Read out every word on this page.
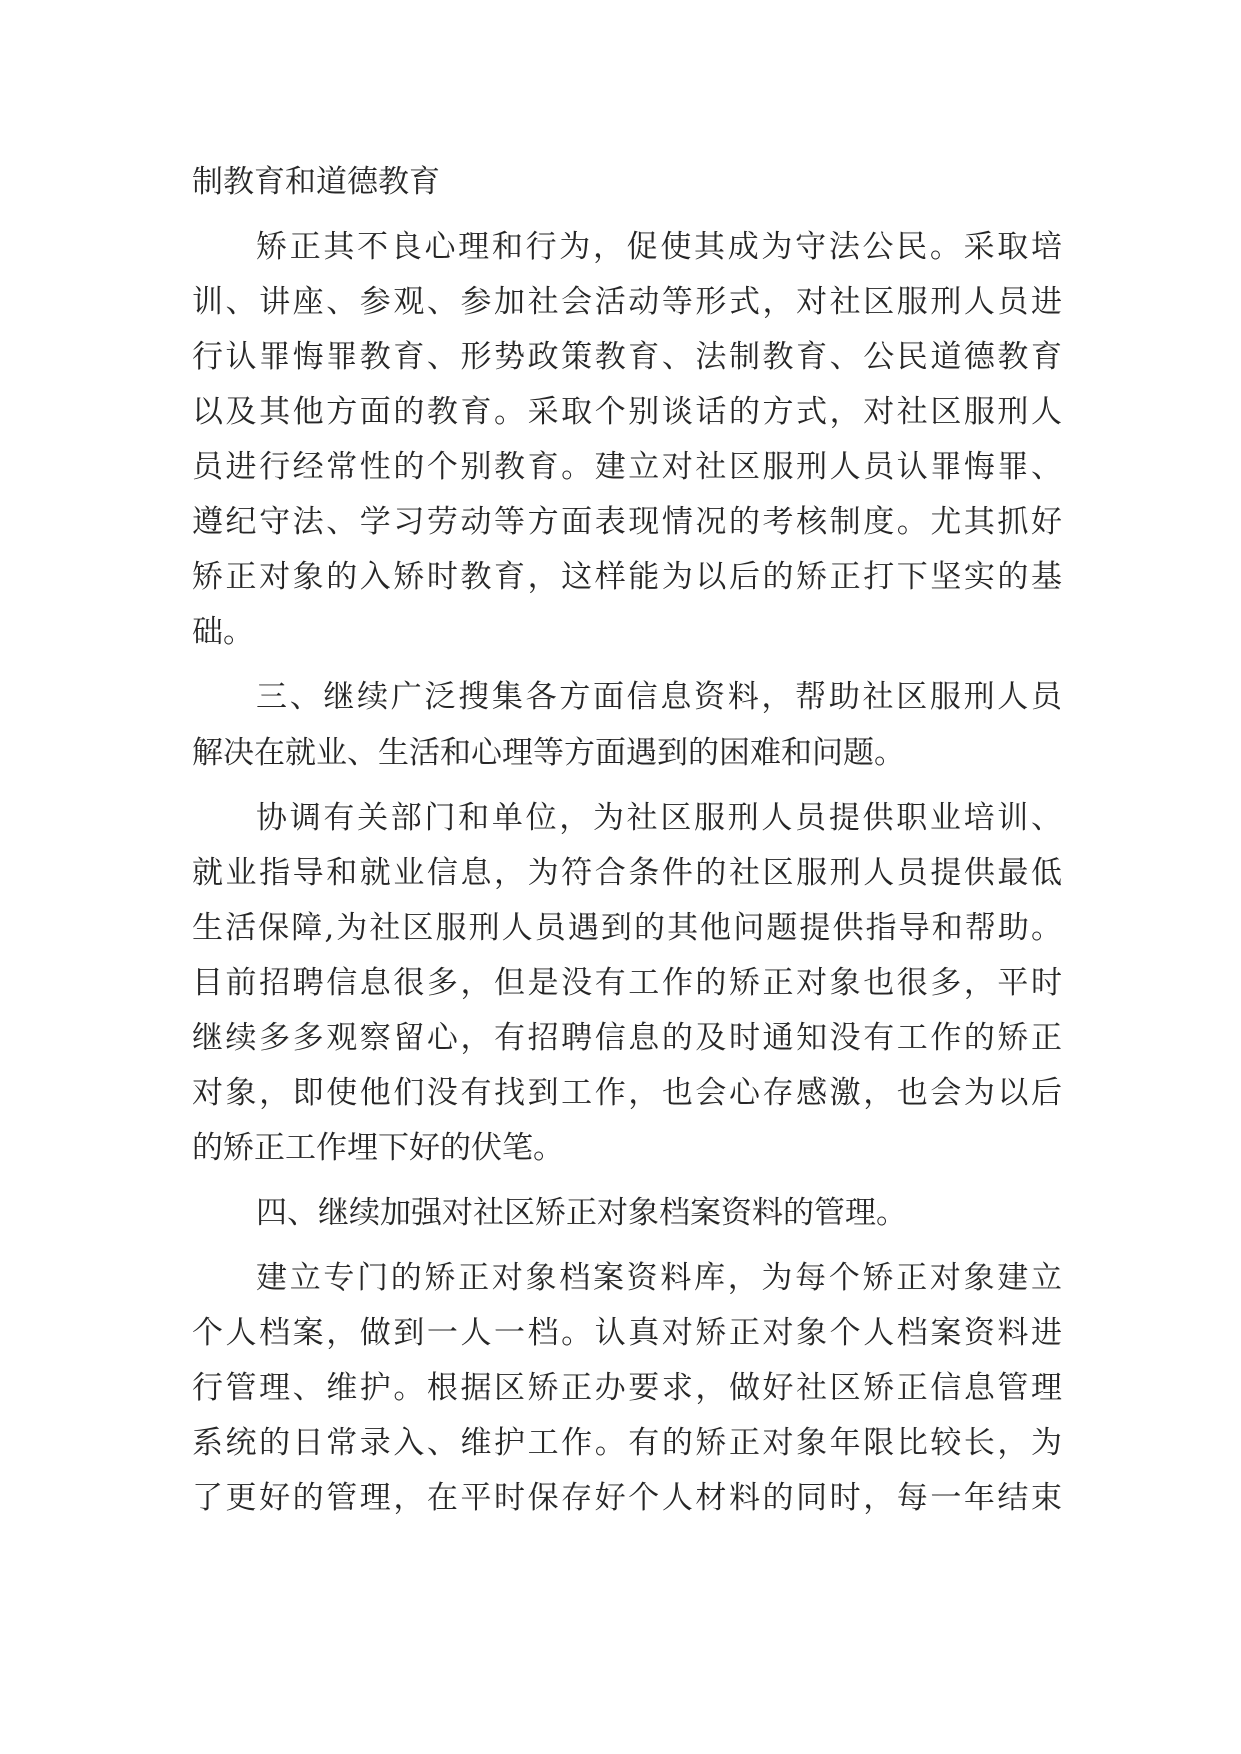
制教育和道德教育
矫正其不良心理和行为，促使其成为守法公民。采取培
训、讲座、参观、参加社会活动等形式，对社区服刑人员进
行认罪悔罪教育、形势政策教育、法制教育、公民道德教育
以及其他方面的教育。采取个别谈话的方式，对社区服刑人
员进行经常性的个别教育。建立对社区服刑人员认罪悔罪、
遵纪守法、学习劳动等方面表现情况的考核制度。尤其抓好
矫正对象的入矫时教育，这样能为以后的矫正打下坚实的基
础。
三、继续广泛搜集各方面信息资料，帮助社区服刑人员
解决在就业、生活和心理等方面遇到的困难和问题。
协调有关部门和单位，为社区服刑人员提供职业培训、
就业指导和就业信息，为符合条件的社区服刑人员提供最低
生活保障,为社区服刑人员遇到的其他问题提供指导和帮助。
目前招聘信息很多，但是没有工作的矫正对象也很多，平时
继续多多观察留心，有招聘信息的及时通知没有工作的矫正
对象，即使他们没有找到工作，也会心存感激，也会为以后
的矫正工作埋下好的伏笔。
四、继续加强对社区矫正对象档案资料的管理。
建立专门的矫正对象档案资料库，为每个矫正对象建立
个人档案，做到一人一档。认真对矫正对象个人档案资料进
行管理、维护。根据区矫正办要求，做好社区矫正信息管理
系统的日常录入、维护工作。有的矫正对象年限比较长，为
了更好的管理，在平时保存好个人材料的同时，每一年结束
